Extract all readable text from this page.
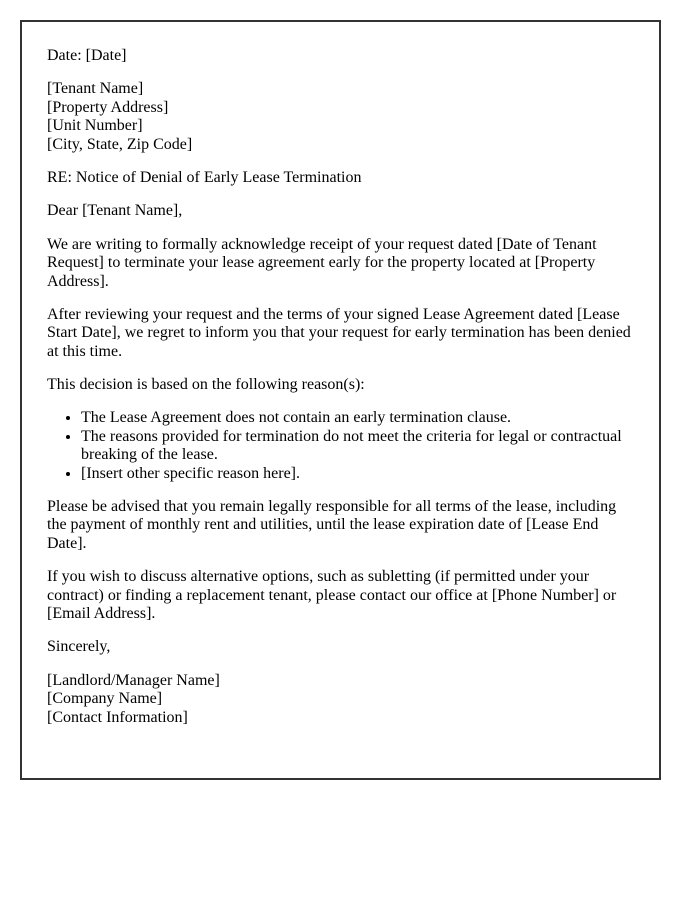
Date: [Date]

[Tenant Name]
[Property Address]
[Unit Number]
[City, State, Zip Code]

RE: Notice of Denial of Early Lease Termination

Dear [Tenant Name],

We are writing to formally acknowledge receipt of your request dated [Date of Tenant Request] to terminate your lease agreement early for the property located at [Property Address].

After reviewing your request and the terms of your signed Lease Agreement dated [Lease Start Date], we regret to inform you that your request for early termination has been denied at this time.

This decision is based on the following reason(s):

• The Lease Agreement does not contain an early termination clause.
• The reasons provided for termination do not meet the criteria for legal or contractual breaking of the lease.
• [Insert other specific reason here].

Please be advised that you remain legally responsible for all terms of the lease, including the payment of monthly rent and utilities, until the lease expiration date of [Lease End Date].

If you wish to discuss alternative options, such as subletting (if permitted under your contract) or finding a replacement tenant, please contact our office at [Phone Number] or [Email Address].

Sincerely,

[Landlord/Manager Name]
[Company Name]
[Contact Information]
